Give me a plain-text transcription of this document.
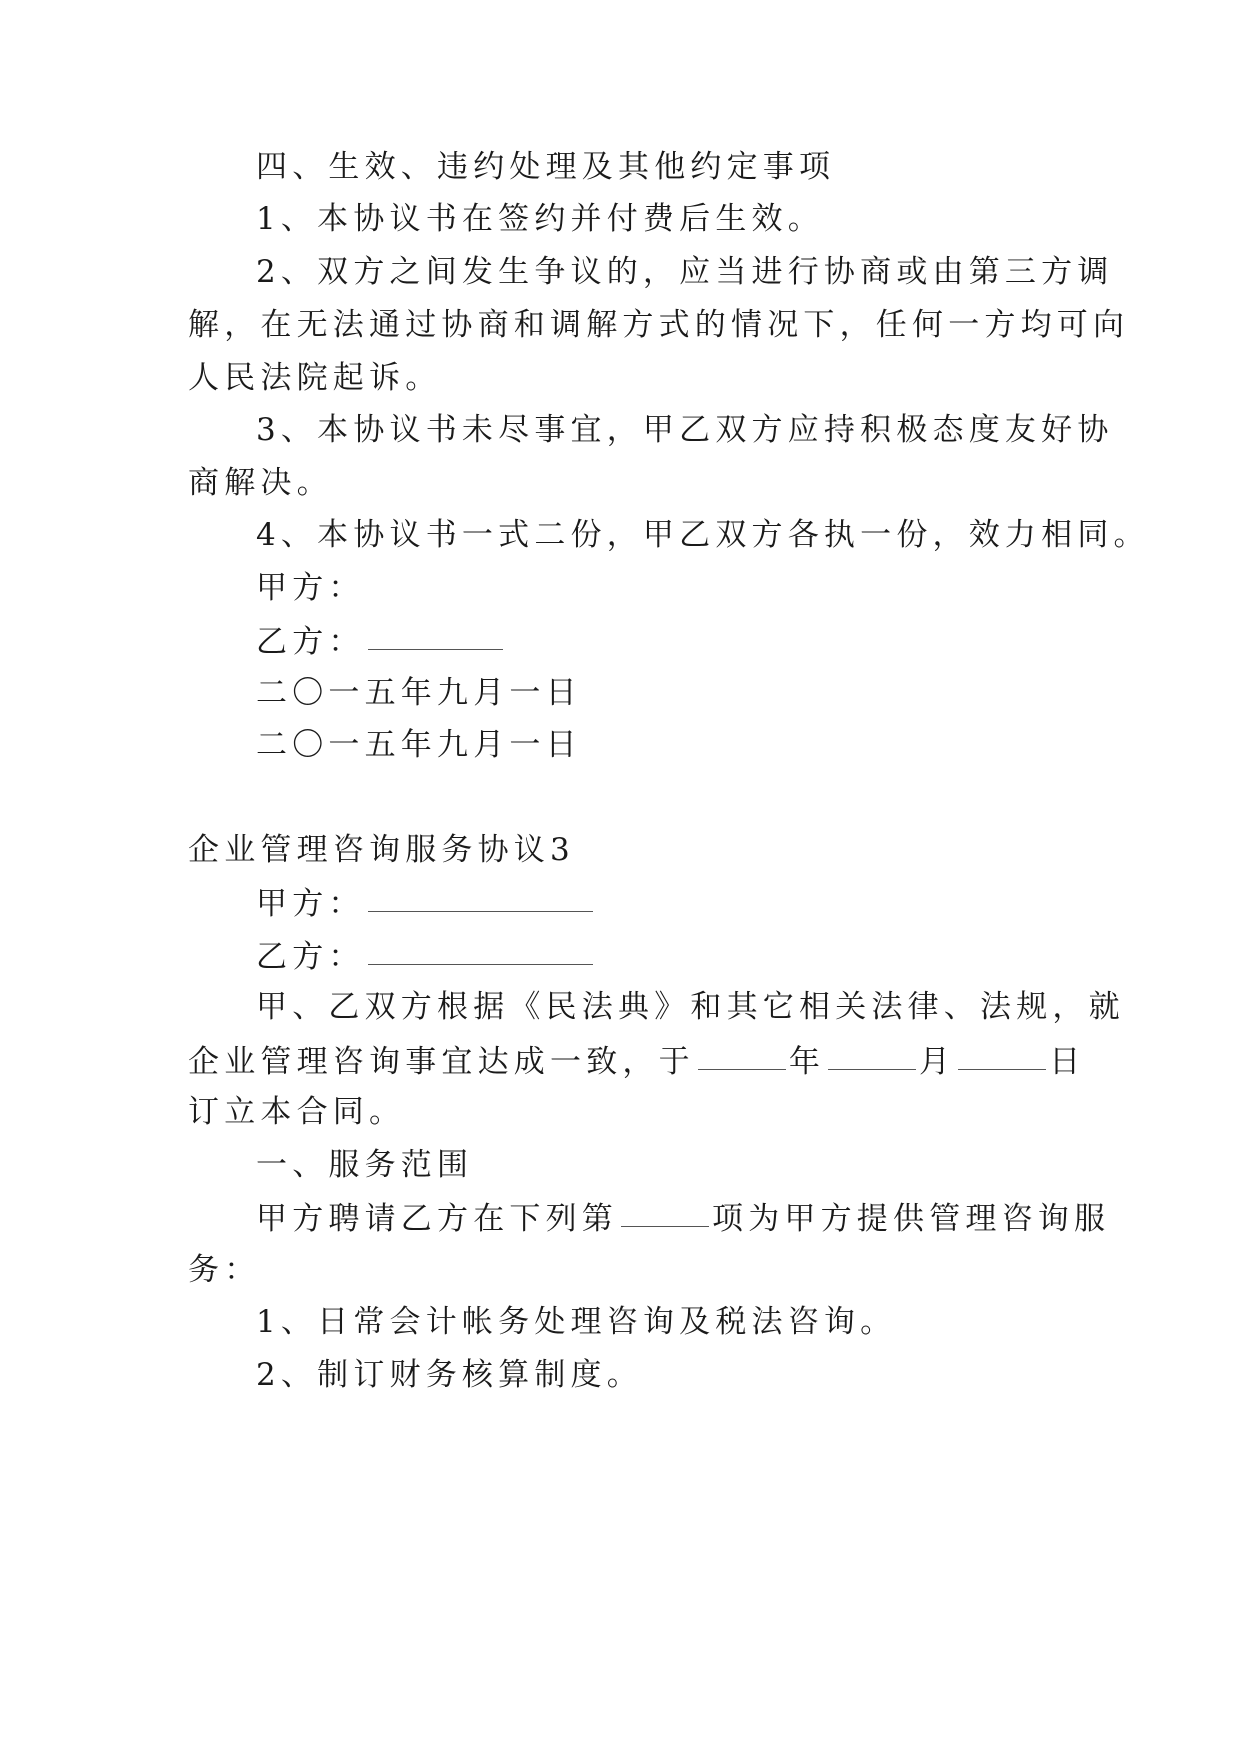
四、生效、违约处理及其他约定事项
1、本协议书在签约并付费后生效。
2、双方之间发生争议的，应当进行协商或由第三方调
解，在无法通过协商和调解方式的情况下，任何一方均可向
人民法院起诉。
3、本协议书未尽事宜，甲乙双方应持积极态度友好协
商解决。
4、本协议书一式二份，甲乙双方各执一份，效力相同。
甲方：
乙方：
二〇一五年九月一日
二〇一五年九月一日
企业管理咨询服务协议3
甲方：
乙方：
甲、乙双方根据《民法典》和其它相关法律、法规，就
企业管理咨询事宜达成一致，于	年	月	日
订立本合同。
一、服务范围
甲方聘请乙方在下列第	项为甲方提供管理咨询服
务：
1、日常会计帐务处理咨询及税法咨询。
2、制订财务核算制度。
